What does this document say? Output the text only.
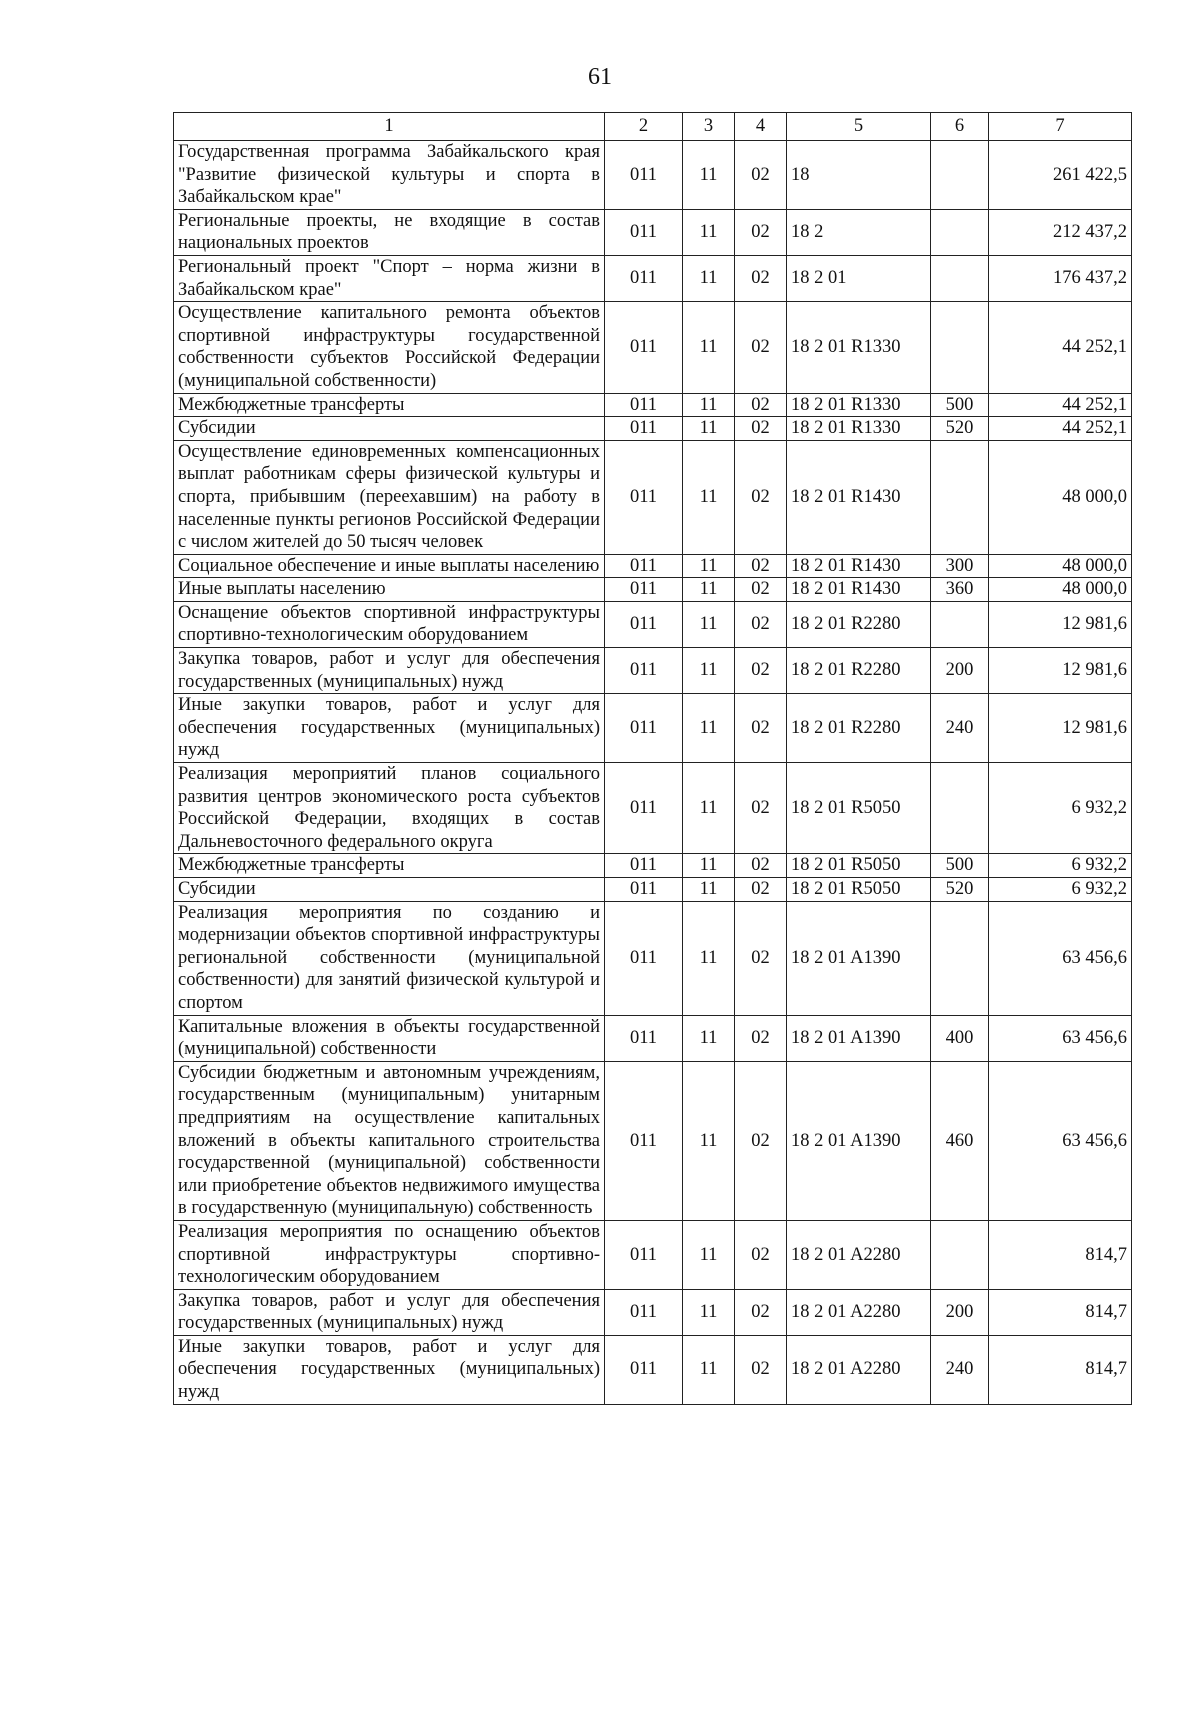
61
1	2	3	4	5	6	7
Государственная программа Забайкальского края "Развитие физической культуры и спорта в Забайкальском крае"	011	11	02	18		261 422,5
Региональные проекты, не входящие в состав национальных проектов	011	11	02	18 2		212 437,2
Региональный проект "Спорт – норма жизни в Забайкальском крае"	011	11	02	18 2 01		176 437,2
Осуществление капитального ремонта объектов спортивной инфраструктуры государственной собственности субъектов Российской Федерации (муниципальной собственности)	011	11	02	18 2 01 R1330		44 252,1
Межбюджетные трансферты	011	11	02	18 2 01 R1330	500	44 252,1
Субсидии	011	11	02	18 2 01 R1330	520	44 252,1
Осуществление единовременных компенсационных выплат работникам сферы физической культуры и спорта, прибывшим (переехавшим) на работу в населенные пункты регионов Российской Федерации с числом жителей до 50 тысяч человек	011	11	02	18 2 01 R1430		48 000,0
Социальное обеспечение и иные выплаты населению	011	11	02	18 2 01 R1430	300	48 000,0
Иные выплаты населению	011	11	02	18 2 01 R1430	360	48 000,0
Оснащение объектов спортивной инфраструктуры спортивно-технологическим оборудованием	011	11	02	18 2 01 R2280		12 981,6
Закупка товаров, работ и услуг для обеспечения государственных (муниципальных) нужд	011	11	02	18 2 01 R2280	200	12 981,6
Иные закупки товаров, работ и услуг для обеспечения государственных (муниципальных) нужд	011	11	02	18 2 01 R2280	240	12 981,6
Реализация мероприятий планов социального развития центров экономического роста субъектов Российской Федерации, входящих в состав Дальневосточного федерального округа	011	11	02	18 2 01 R5050		6 932,2
Межбюджетные трансферты	011	11	02	18 2 01 R5050	500	6 932,2
Субсидии	011	11	02	18 2 01 R5050	520	6 932,2
Реализация мероприятия по созданию и модернизации объектов спортивной инфраструктуры региональной собственности (муниципальной собственности) для занятий физической культурой и спортом	011	11	02	18 2 01 A1390		63 456,6
Капитальные вложения в объекты государственной (муниципальной) собственности	011	11	02	18 2 01 A1390	400	63 456,6
Субсидии бюджетным и автономным учреждениям, государственным (муниципальным) унитарным предприятиям на осуществление капитальных вложений в объекты капитального строительства государственной (муниципальной) собственности или приобретение объектов недвижимого имущества в государственную (муниципальную) собственность	011	11	02	18 2 01 A1390	460	63 456,6
Реализация мероприятия по оснащению объектов спортивной инфраструктуры спортивно-технологическим оборудованием	011	11	02	18 2 01 A2280		814,7
Закупка товаров, работ и услуг для обеспечения государственных (муниципальных) нужд	011	11	02	18 2 01 A2280	200	814,7
Иные закупки товаров, работ и услуг для обеспечения государственных (муниципальных) нужд	011	11	02	18 2 01 A2280	240	814,7
